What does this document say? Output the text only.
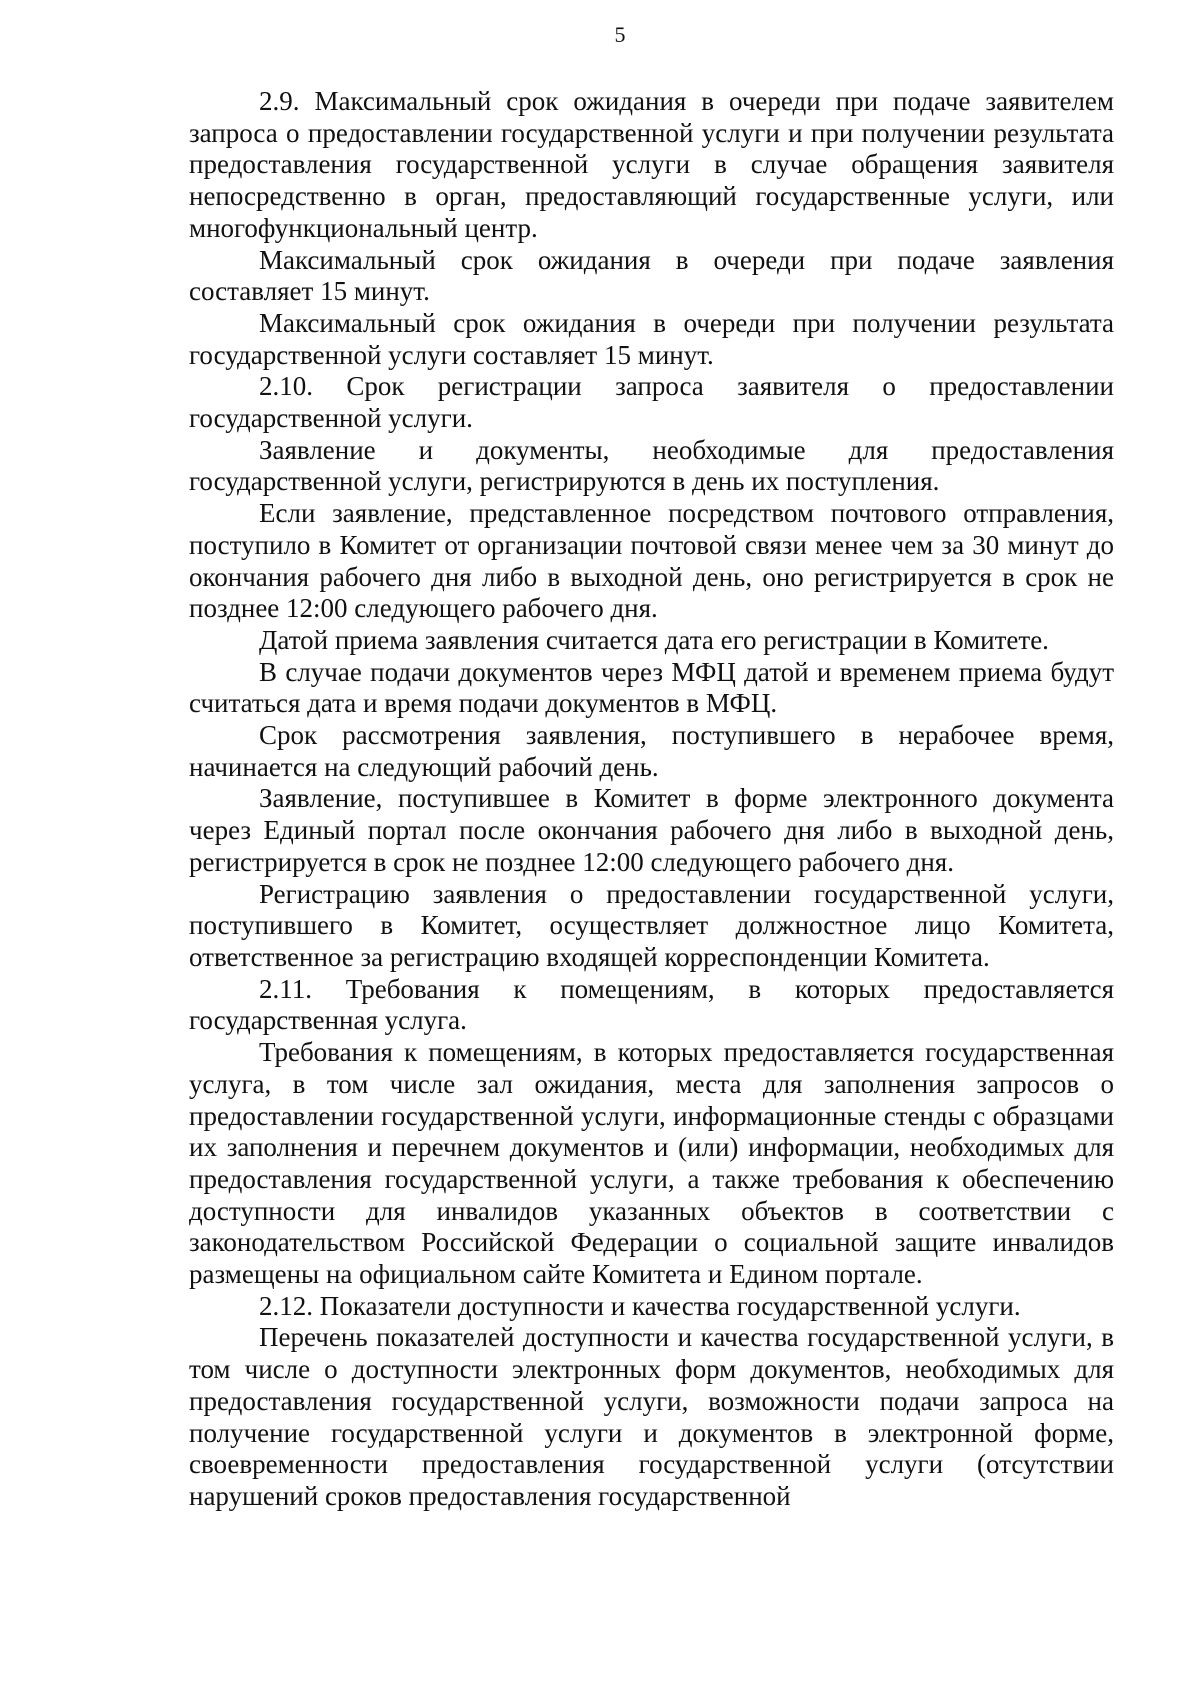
5

2.9. Максимальный срок ожидания в очереди при подаче заявителем запроса о предоставлении государственной услуги и при получении результата предоставления государственной услуги в случае обращения заявителя непосредственно в орган, предоставляющий государственные услуги, или многофункциональный центр.

Максимальный срок ожидания в очереди при подаче заявления составляет 15 минут.

Максимальный срок ожидания в очереди при получении результата государственной услуги составляет 15 минут.

2.10. Срок регистрации запроса заявителя о предоставлении государственной услуги.

Заявление и документы, необходимые для предоставления государственной услуги, регистрируются в день их поступления.

Если заявление, представленное посредством почтового отправления, поступило в Комитет от организации почтовой связи менее чем за 30 минут до окончания рабочего дня либо в выходной день, оно регистрируется в срок не позднее 12:00 следующего рабочего дня.

Датой приема заявления считается дата его регистрации в Комитете.

В случае подачи документов через МФЦ датой и временем приема будут считаться дата и время подачи документов в МФЦ.

Срок рассмотрения заявления, поступившего в нерабочее время, начинается на следующий рабочий день.

Заявление, поступившее в Комитет в форме электронного документа через Единый портал после окончания рабочего дня либо в выходной день, регистрируется в срок не позднее 12:00 следующего рабочего дня.

Регистрацию заявления о предоставлении государственной услуги, поступившего в Комитет, осуществляет должностное лицо Комитета, ответственное за регистрацию входящей корреспонденции Комитета.

2.11. Требования к помещениям, в которых предоставляется государственная услуга.

Требования к помещениям, в которых предоставляется государственная услуга, в том числе зал ожидания, места для заполнения запросов о предоставлении государственной услуги, информационные стенды с образцами их заполнения и перечнем документов и (или) информации, необходимых для предоставления государственной услуги, а также требования к обеспечению доступности для инвалидов указанных объектов в соответствии с законодательством Российской Федерации о социальной защите инвалидов размещены на официальном сайте Комитета и Едином портале.

2.12. Показатели доступности и качества государственной услуги.

Перечень показателей доступности и качества государственной услуги, в том числе о доступности электронных форм документов, необходимых для предоставления государственной услуги, возможности подачи запроса на получение государственной услуги и документов в электронной форме, своевременности предоставления государственной услуги (отсутствии нарушений сроков предоставления государственной
